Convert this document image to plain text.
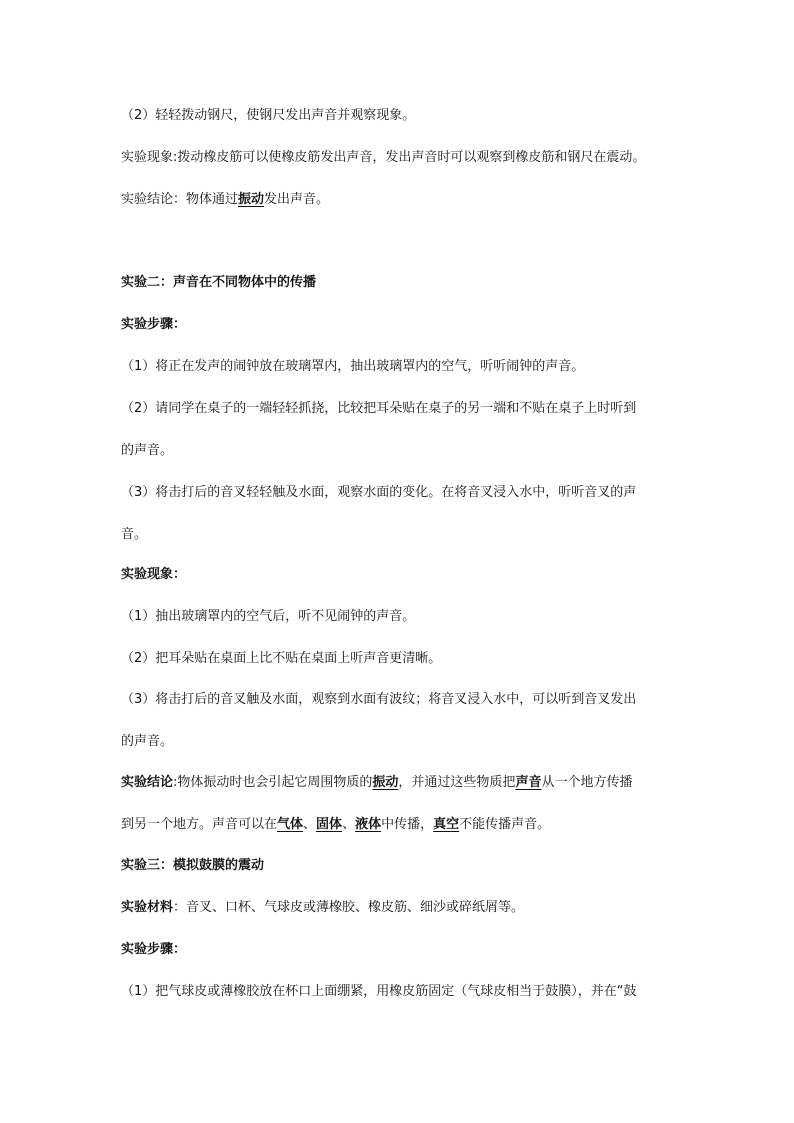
（2）轻轻拨动钢尺，使钢尺发出声音并观察现象。
实验现象:拨动橡皮筋可以使橡皮筋发出声音，发出声音时可以观察到橡皮筋和钢尺在震动。
实验结论：物体通过振动发出声音。
实验二：声音在不同物体中的传播
实验步骤：
（1）将正在发声的闹钟放在玻璃罩内，抽出玻璃罩内的空气，听听闹钟的声音。
（2）请同学在桌子的一端轻轻抓挠，比较把耳朵贴在桌子的另一端和不贴在桌子上时听到
的声音。
（3）将击打后的音叉轻轻触及水面，观察水面的变化。在将音叉浸入水中，听听音叉的声
音。
实验现象：
（1）抽出玻璃罩内的空气后，听不见闹钟的声音。
（2）把耳朵贴在桌面上比不贴在桌面上听声音更清晰。
（3）将击打后的音叉触及水面，观察到水面有波纹；将音叉浸入水中，可以听到音叉发出
的声音。
实验结论:物体振动时也会引起它周围物质的振动，并通过这些物质把声音从一个地方传播
到另一个地方。声音可以在气体、固体、液体中传播，真空不能传播声音。
实验三：模拟鼓膜的震动
实验材料：音叉、口杯、气球皮或薄橡胶、橡皮筋、细沙或碎纸屑等。
实验步骤：
（1）把气球皮或薄橡胶放在杯口上面绷紧，用橡皮筋固定（气球皮相当于鼓膜），并在“鼓
